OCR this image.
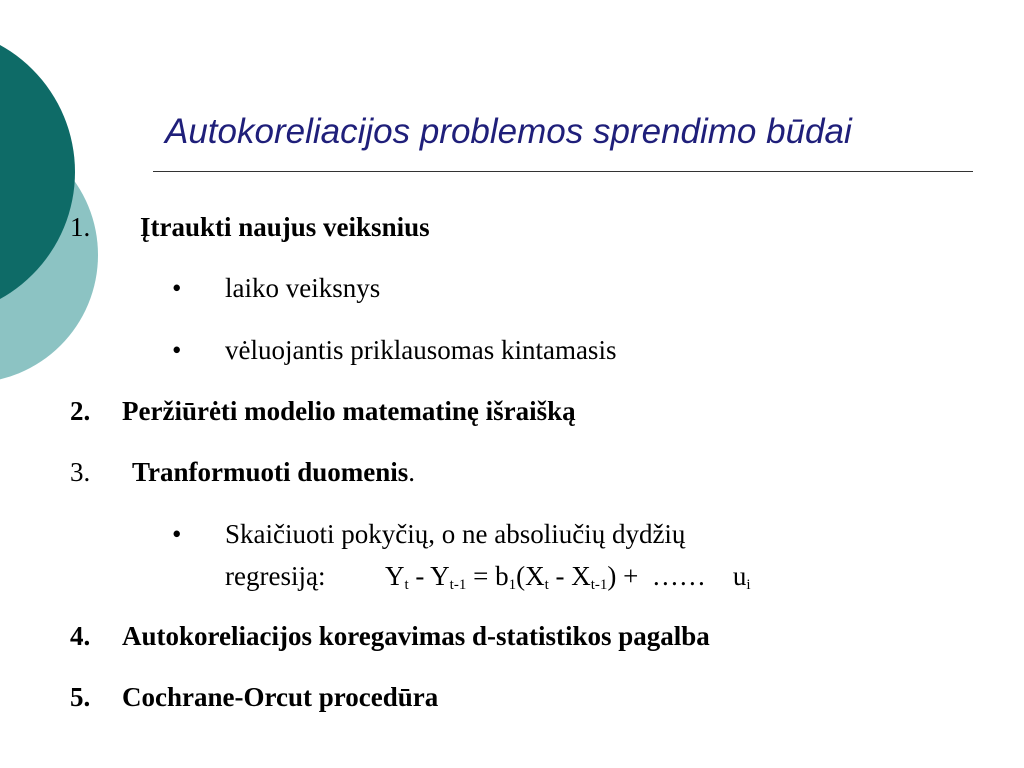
Autokoreliacijos problemos sprendimo būdai
1. Įtraukti naujus veiksnius
• laiko veiksnys
• vėluojantis priklausomas kintamasis
2. Peržiūrėti modelio matematinę išraišką
3. Tranformuoti duomenis.
• Skaičiuoti pokyčių, o ne absoliučių dydžių
regresiją: $Y_t - Y_{t-1} = b_1(X_t - X_{t-1})$ + …… $u_i$
4. Autokoreliacijos koregavimas d-statistikos pagalba
5. Cochrane-Orcut procedūra
